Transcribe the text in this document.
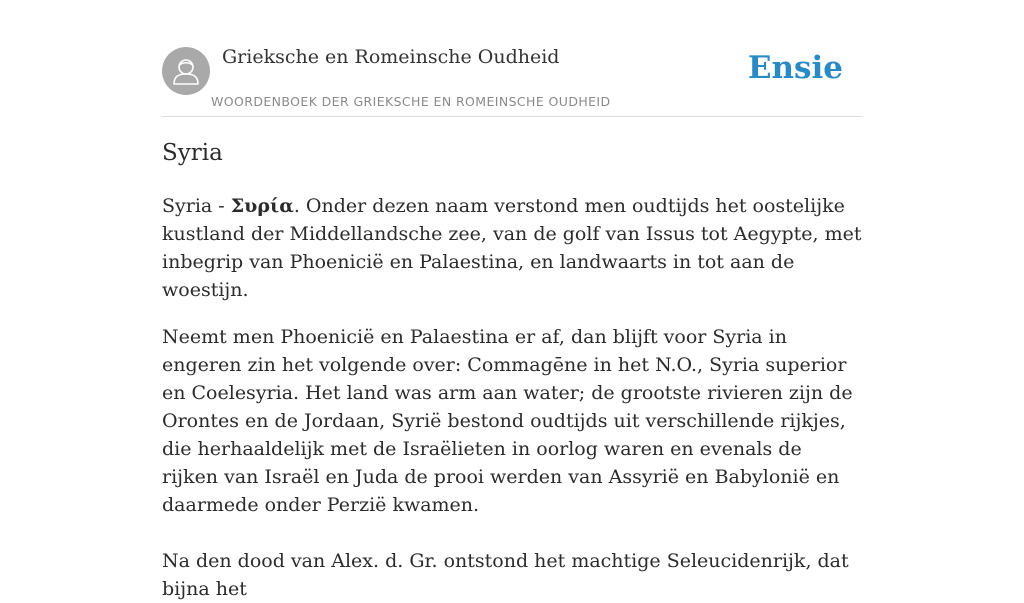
Grieksche en Romeinsche Oudheid
WOORDENBOEK DER GRIEKSCHE EN ROMEINSCHE OUDHEID
Ensie
Syria

Syria - Συρία. Onder dezen naam verstond men oudtijds het oostelijke kustland der Middellandsche zee, van de golf van Issus tot Aegypte, met inbegrip van Phoenicië en Palaestina, en landwaarts in tot aan de woestijn.

Neemt men Phoenicië en Palaestina er af, dan blijft voor Syria in engeren zin het volgende over: Commagēne in het N.O., Syria superior en Coelesyria. Het land was arm aan water; de grootste rivieren zijn de Orontes en de Jordaan, Syrië bestond oudtijds uit verschillende rijkjes, die herhaaldelijk met de Israëlieten in oorlog waren en evenals de rijken van Israël en Juda de prooi werden van Assyrië en Babylonië en daarmede onder Perzië kwamen.

Na den dood van Alex. d. Gr. ontstond het machtige Seleucidenrijk, dat bijna het
